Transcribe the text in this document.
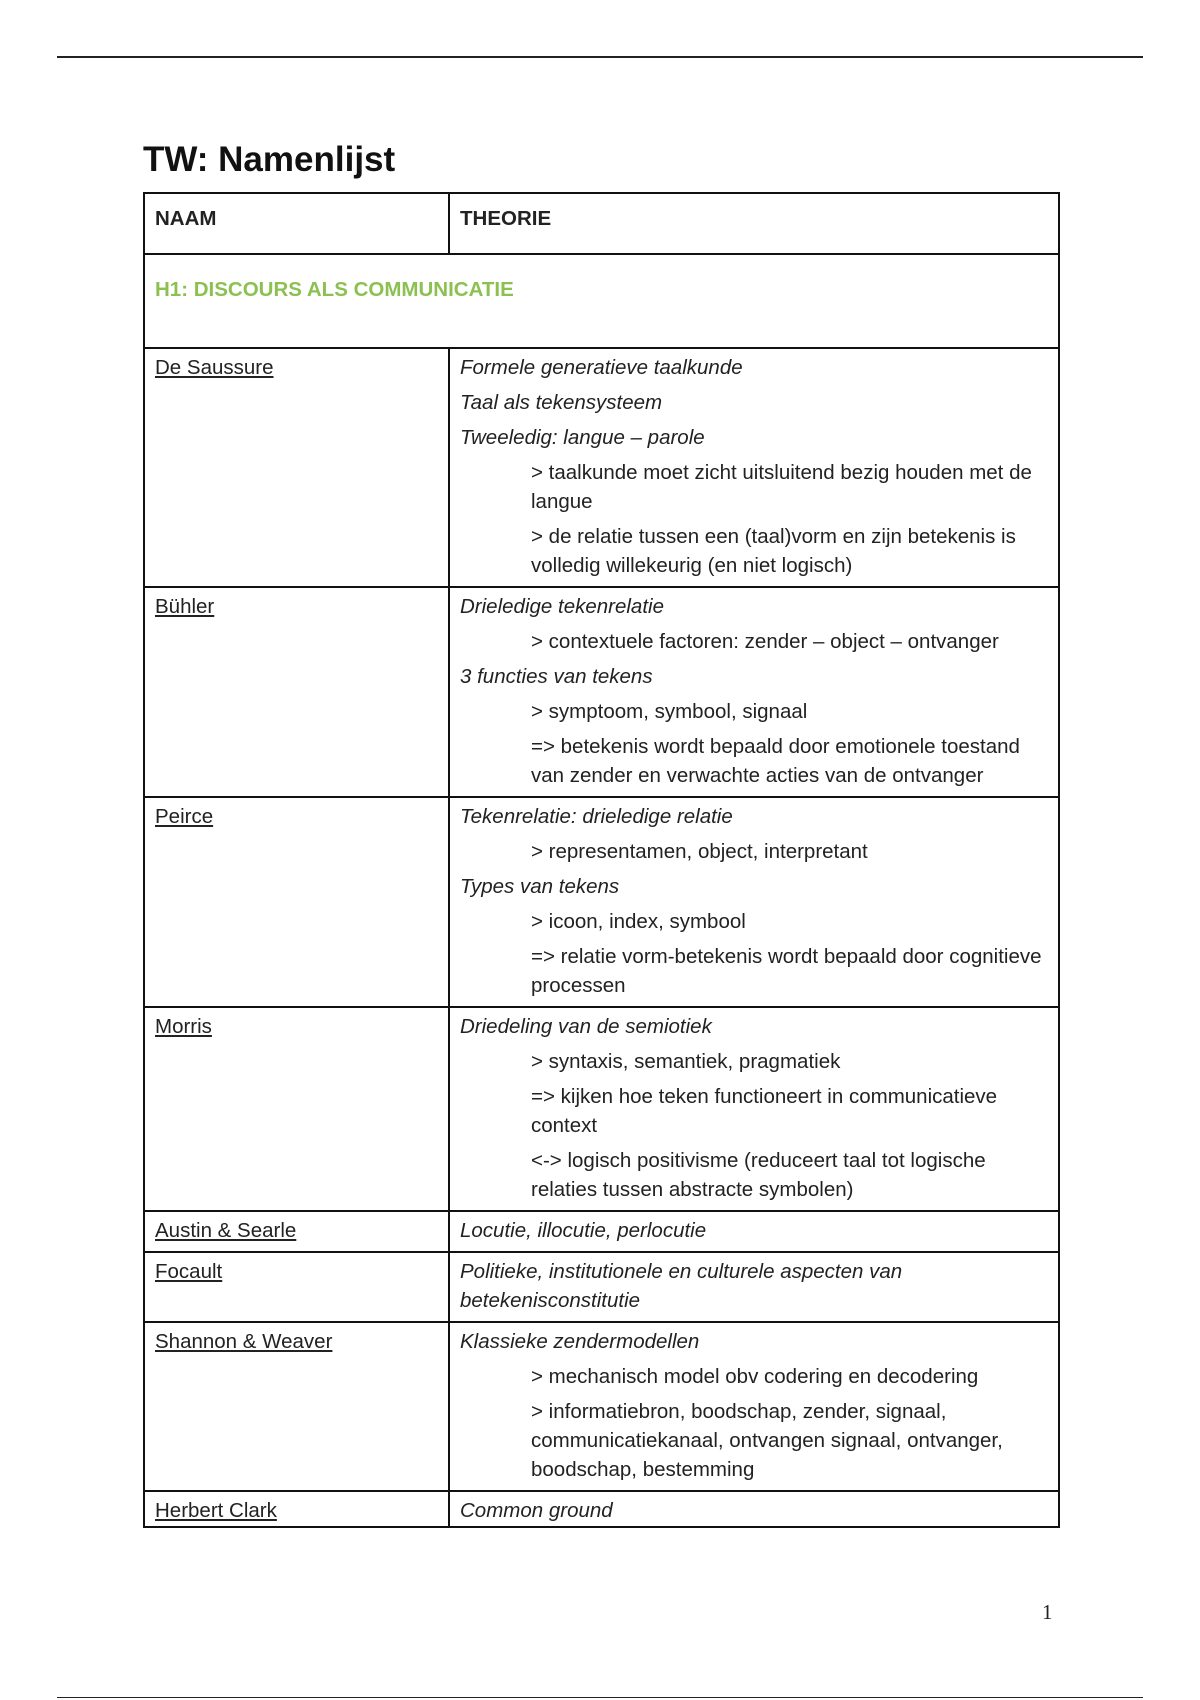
TW: Namenlijst
NAAM	THEORIE
H1: DISCOURS ALS COMMUNICATIE	
De Saussure	Formele generatieve taalkunde
Taal als tekensysteem
Tweeledig: langue – parole
> taalkunde moet zicht uitsluitend bezig houden met de langue
> de relatie tussen een (taal)vorm en zijn betekenis is volledig willekeurig (en niet logisch)

Bühler	Drieledige tekenrelatie
> contextuele factoren: zender – object – ontvanger
3 functies van tekens
> symptoom, symbool, signaal
=> betekenis wordt bepaald door emotionele toestand van zender en verwachte acties van de ontvanger

Peirce	Tekenrelatie: drieledige relatie
> representamen, object, interpretant
Types van tekens
> icoon, index, symbool
=> relatie vorm-betekenis wordt bepaald door cognitieve processen

Morris	Driedeling van de semiotiek
> syntaxis, semantiek, pragmatiek
=> kijken hoe teken functioneert in communicatieve context
<-> logisch positivisme (reduceert taal tot logische relaties tussen abstracte symbolen)

Austin & Searle	Locutie, illocutie, perlocutie

Focault	Politieke, institutionele en culturele aspecten van betekenisconstitutie

Shannon & Weaver	Klassieke zendermodellen
> mechanisch model obv codering en decodering
> informatiebron, boodschap, zender, signaal, communicatiekanaal, ontvangen signaal, ontvanger, boodschap, bestemming

Herbert Clark	Common ground
1
